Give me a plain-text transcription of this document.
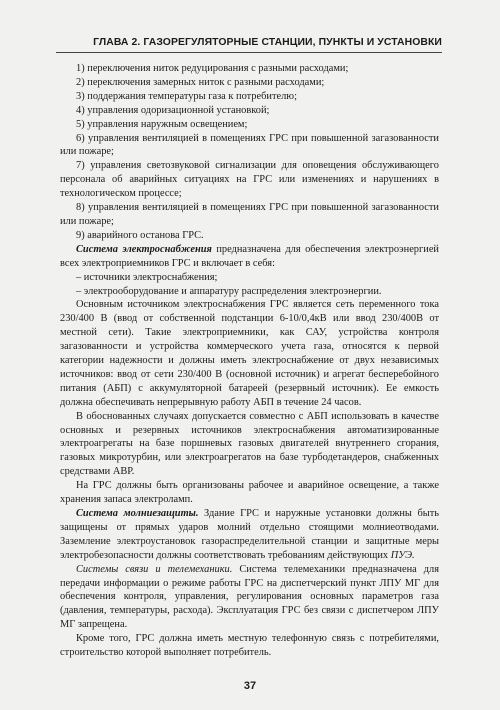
ГЛАВА 2. ГАЗОРЕГУЛЯТОРНЫЕ СТАНЦИИ, ПУНКТЫ И УСТАНОВКИ

1) переключения ниток редуцирования с разными расходами;

2) переключения замерных ниток с разными расходами;

3) поддержания температуры газа к потребителю;

4) управления одоризационной установкой;

5) управления наружным освещением;

6) управления вентиляцией в помещениях ГРС при повышенной загазованности или пожаре;

7) управления светозвуковой сигнализации для оповещения обслуживающего персонала об аварийных ситуациях на ГРС или изменениях и нарушениях в технологическом процессе;

8) управления вентиляцией в помещениях ГРС при повышенной загазованности или пожаре;

9) аварийного останова ГРС.

Система электроснабжения предназначена для обеспечения электроэнергией всех электроприемников ГРС и включает в себя:

– источники электроснабжения;

– электрооборудование и аппаратуру распределения электроэнергии.

Основным источником электроснабжения ГРС является сеть переменного тока 230/400 В (ввод от собственной подстанции 6-10/0,4кВ или ввод 230/400В от местной сети). Такие электроприемники, как САУ, устройства контроля загазованности и устройства коммерческого учета газа, относятся к первой категории надежности и должны иметь электроснабжение от двух независимых источников: ввод от сети 230/400 В (основной источник) и агрегат бесперебойного питания (АБП) с аккумуляторной батареей (резервный источник). Ее емкость должна обеспечивать непрерывную работу АБП в течение 24 часов.

В обоснованных случаях допускается совместно с АБП использовать в качестве основных и резервных источников электроснабжения автоматизированные электроагрегаты на базе поршневых газовых двигателей внутреннего сгорания, газовых микротурбин, или электроагрегатов на базе турбодетандеров, снабженных средствами АВР.

На ГРС должны быть организованы рабочее и аварийное освещение, а также хранения запаса электроламп.

Система молниезащиты. Здание ГРС и наружные установки должны быть защищены от прямых ударов молний отдельно стоящими молниеотводами. Заземление электроустановок газораспределительной станции и защитные меры электробезопасности должны соответствовать требованиям действующих ПУЭ.

Системы связи и телемеханики. Система телемеханики предназначена для передачи информации о режиме работы ГРС на диспетчерский пункт ЛПУ МГ для обеспечения контроля, управления, регулирования основных параметров газа (давления, температуры, расхода). Эксплуатация ГРС без связи с диспетчером ЛПУ МГ запрещена.

Кроме того, ГРС должна иметь местную телефонную связь с потребителями, строительство которой выполняет потребитель.

37
